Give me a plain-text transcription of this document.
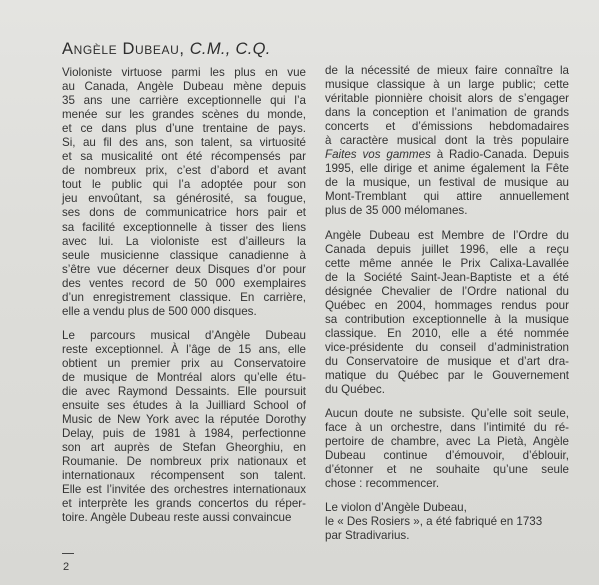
Angèle Dubeau, C.M., C.Q.

Violoniste virtuose parmi les plus en vue
au Canada, Angèle Dubeau mène depuis
35 ans une carrière exceptionnelle qui l’a
menée sur les grandes scènes du monde,
et ce dans plus d’une trentaine de pays.
Si, au fil des ans, son talent, sa virtuosité
et sa musicalité ont été récompensés par
de nombreux prix, c’est d’abord et avant
tout le public qui l’a adoptée pour son
jeu envoûtant, sa générosité, sa fougue,
ses dons de communicatrice hors pair et
sa facilité exceptionnelle à tisser des liens
avec lui. La violoniste est d’ailleurs la
seule musicienne classique canadienne à
s’être vue décerner deux Disques d’or pour
des ventes record de 50 000 exemplaires
d’un enregistrement classique. En carrière,
elle a vendu plus de 500 000 disques.

Le parcours musical d’Angèle Dubeau
reste exceptionnel. À l’âge de 15 ans, elle
obtient un premier prix au Conservatoire
de musique de Montréal alors qu’elle étu-
die avec Raymond Dessaints. Elle poursuit
ensuite ses études à la Juilliard School of
Music de New York avec la réputée Dorothy
Delay, puis de 1981 à 1984, perfectionne
son art auprès de Stefan Gheorghiu, en
Roumanie. De nombreux prix nationaux et
internationaux récompensent son talent.
Elle est l’invitée des orchestres internationaux
et interprète les grands concertos du réper-
toire. Angèle Dubeau reste aussi convaincue

de la nécessité de mieux faire connaître la
musique classique à un large public; cette
véritable pionnière choisit alors de s’engager
dans la conception et l’animation de grands
concerts et d’émissions hebdomadaires
à caractère musical dont la très populaire
Faites vos gammes à Radio-Canada. Depuis
1995, elle dirige et anime également la Fête
de la musique, un festival de musique au
Mont-Tremblant qui attire annuellement
plus de 35 000 mélomanes.

Angèle Dubeau est Membre de l’Ordre du
Canada depuis juillet 1996, elle a reçu
cette même année le Prix Calixa-Lavallée
de la Société Saint-Jean-Baptiste et a été
désignée Chevalier de l’Ordre national du
Québec en 2004, hommages rendus pour
sa contribution exceptionnelle à la musique
classique. En 2010, elle a été nommée
vice-présidente du conseil d’administration
du Conservatoire de musique et d’art dra-
matique du Québec par le Gouvernement
du Québec.

Aucun doute ne subsiste. Qu’elle soit seule,
face à un orchestre, dans l’intimité du ré-
pertoire de chambre, avec La Pietà, Angèle
Dubeau continue d’émouvoir, d’éblouir,
d’étonner et ne souhaite qu’une seule
chose : recommencer.

Le violon d’Angèle Dubeau,
le « Des Rosiers », a été fabriqué en 1733
par Stradivarius.

2
